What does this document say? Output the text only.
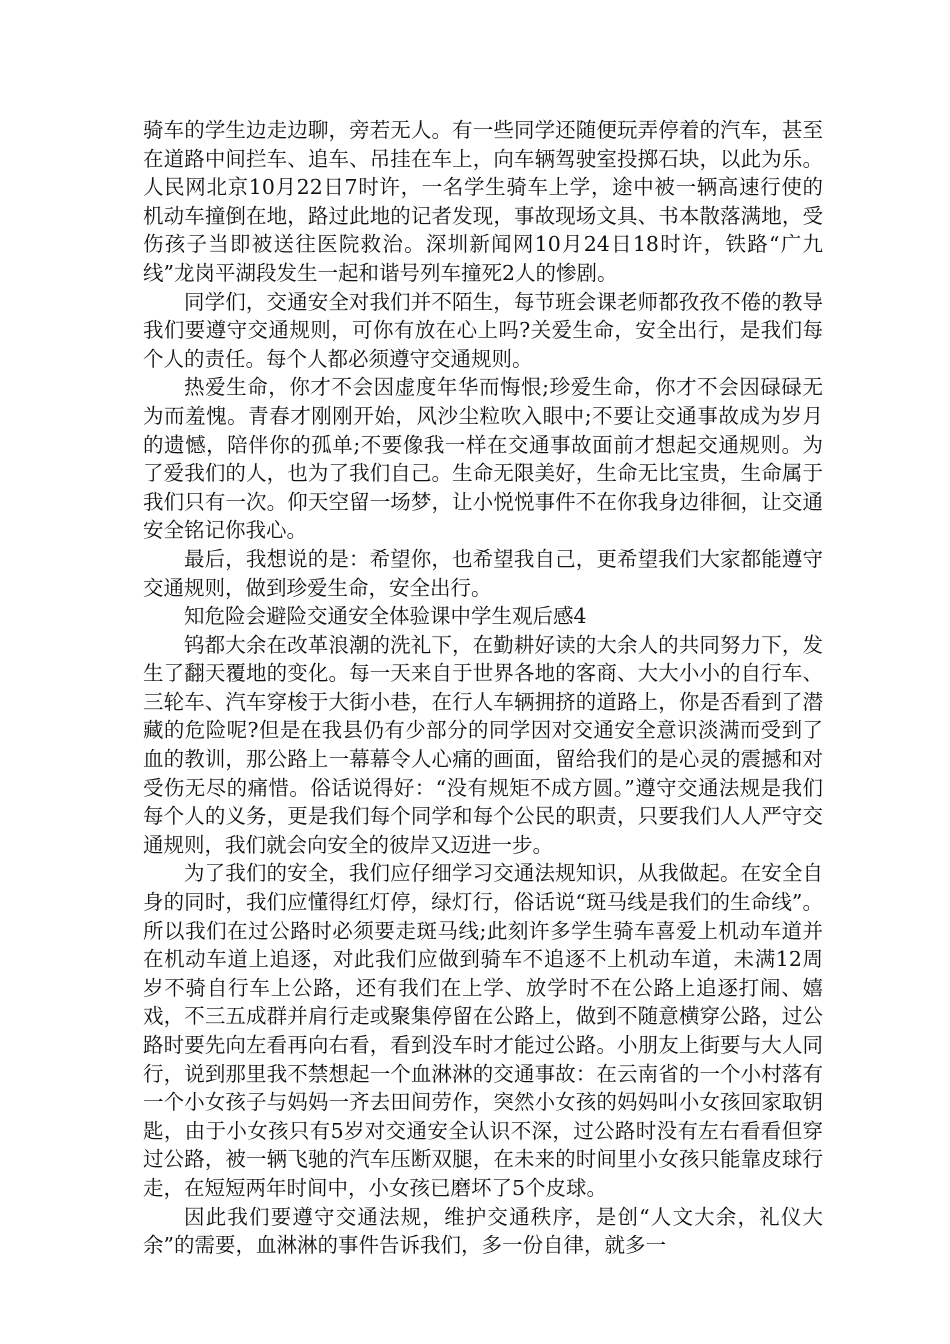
骑车的学生边走边聊，旁若无人。有一些同学还随便玩弄停着的汽车，甚至在道路中间拦车、追车、吊挂在车上，向车辆驾驶室投掷石块，以此为乐。人民网北京10月22日7时许，一名学生骑车上学，途中被一辆高速行使的机动车撞倒在地，路过此地的记者发现，事故现场文具、书本散落满地，受伤孩子当即被送往医院救治。深圳新闻网10月24日18时许，铁路“广九线”龙岗平湖段发生一起和谐号列车撞死2人的惨剧。

同学们，交通安全对我们并不陌生，每节班会课老师都孜孜不倦的教导我们要遵守交通规则，可你有放在心上吗?关爱生命，安全出行，是我们每个人的责任。每个人都必须遵守交通规则。

热爱生命，你才不会因虚度年华而悔恨;珍爱生命，你才不会因碌碌无为而羞愧。青春才刚刚开始，风沙尘粒吹入眼中;不要让交通事故成为岁月的遗憾，陪伴你的孤单;不要像我一样在交通事故面前才想起交通规则。为了爱我们的人，也为了我们自己。生命无限美好，生命无比宝贵，生命属于我们只有一次。仰天空留一场梦，让小悦悦事件不在你我身边徘徊，让交通安全铭记你我心。

最后，我想说的是：希望你，也希望我自己，更希望我们大家都能遵守交通规则，做到珍爱生命，安全出行。

知危险会避险交通安全体验课中学生观后感4

钨都大余在改革浪潮的洗礼下，在勤耕好读的大余人的共同努力下，发生了翻天覆地的变化。每一天来自于世界各地的客商、大大小小的自行车、三轮车、汽车穿梭于大街小巷，在行人车辆拥挤的道路上，你是否看到了潜藏的危险呢?但是在我县仍有少部分的同学因对交通安全意识淡满而受到了血的教训，那公路上一幕幕令人心痛的画面，留给我们的是心灵的震撼和对受伤无尽的痛惜。俗话说得好：“没有规矩不成方圆。”遵守交通法规是我们每个人的义务，更是我们每个同学和每个公民的职责，只要我们人人严守交通规则，我们就会向安全的彼岸又迈进一步。

为了我们的安全，我们应仔细学习交通法规知识，从我做起。在安全自身的同时，我们应懂得红灯停，绿灯行，俗话说“斑马线是我们的生命线”。所以我们在过公路时必须要走斑马线;此刻许多学生骑车喜爱上机动车道并在机动车道上追逐，对此我们应做到骑车不追逐不上机动车道，未满12周岁不骑自行车上公路，还有我们在上学、放学时不在公路上追逐打闹、嬉戏，不三五成群并肩行走或聚集停留在公路上，做到不随意横穿公路，过公路时要先向左看再向右看，看到没车时才能过公路。小朋友上街要与大人同行，说到那里我不禁想起一个血淋淋的交通事故：在云南省的一个小村落有一个小女孩子与妈妈一齐去田间劳作，突然小女孩的妈妈叫小女孩回家取钥匙，由于小女孩只有5岁对交通安全认识不深，过公路时没有左右看看但穿过公路，被一辆飞驰的汽车压断双腿，在未来的时间里小女孩只能靠皮球行走，在短短两年时间中，小女孩已磨坏了5个皮球。

因此我们要遵守交通法规，维护交通秩序，是创“人文大余，礼仪大余”的需要，血淋淋的事件告诉我们，多一份自律，就多一
